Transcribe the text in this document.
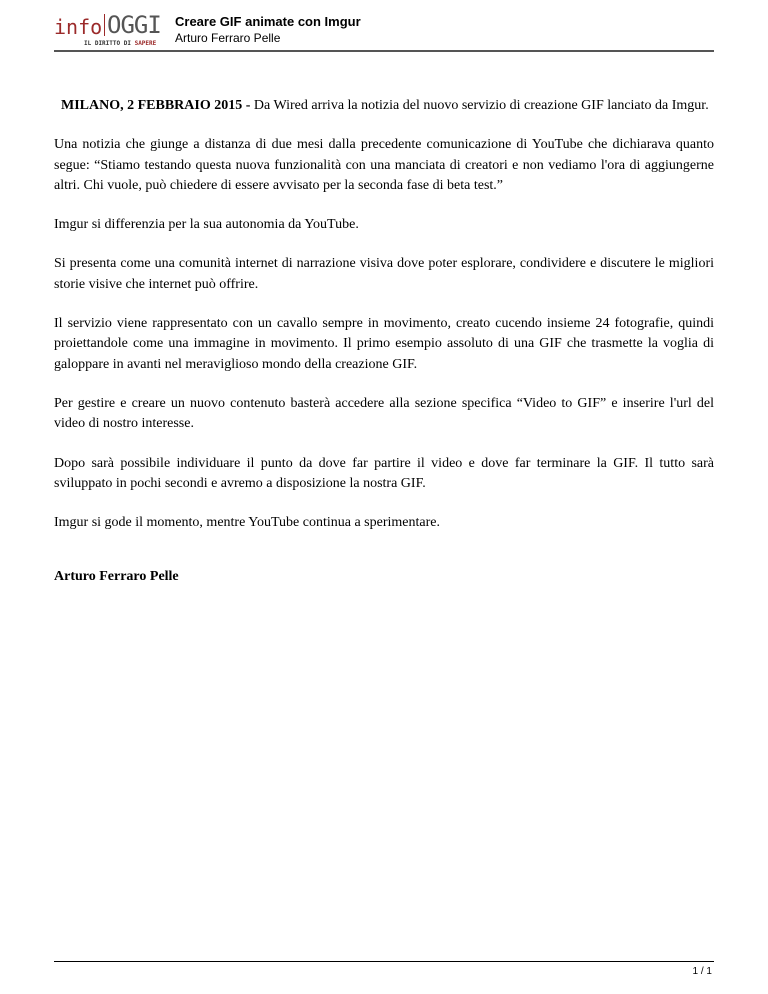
info OGGI
IL DIRITTO DI SAPERE
Creare GIF animate con Imgur
Arturo Ferraro Pelle

MILANO, 2 FEBBRAIO 2015 - Da Wired arriva la notizia del nuovo servizio di creazione GIF lanciato da Imgur.

Una notizia che giunge a distanza di due mesi dalla precedente comunicazione di YouTube che dichiarava quanto segue: “Stiamo testando questa nuova funzionalità con una manciata di creatori e non vediamo l'ora di aggiungerne altri. Chi vuole, può chiedere di essere avvisato per la seconda fase di beta test.”

Imgur si differenzia per la sua autonomia da YouTube.

Si presenta come una comunità internet di narrazione visiva dove poter esplorare, condividere e discutere le migliori storie visive che internet può offrire.

Il servizio viene rappresentato con un cavallo sempre in movimento, creato cucendo insieme 24 fotografie, quindi proiettandole come una immagine in movimento. Il primo esempio assoluto di una GIF che trasmette la voglia di galoppare in avanti nel meraviglioso mondo della creazione GIF.

Per gestire e creare un nuovo contenuto basterà accedere alla sezione specifica “Video to GIF” e inserire l'url del video di nostro interesse.

Dopo sarà possibile individuare il punto da dove far partire il video e dove far terminare la GIF. Il tutto sarà sviluppato in pochi secondi e avremo a disposizione la nostra GIF.

Imgur si gode il momento, mentre YouTube continua a sperimentare.

Arturo Ferraro Pelle

1 / 1
